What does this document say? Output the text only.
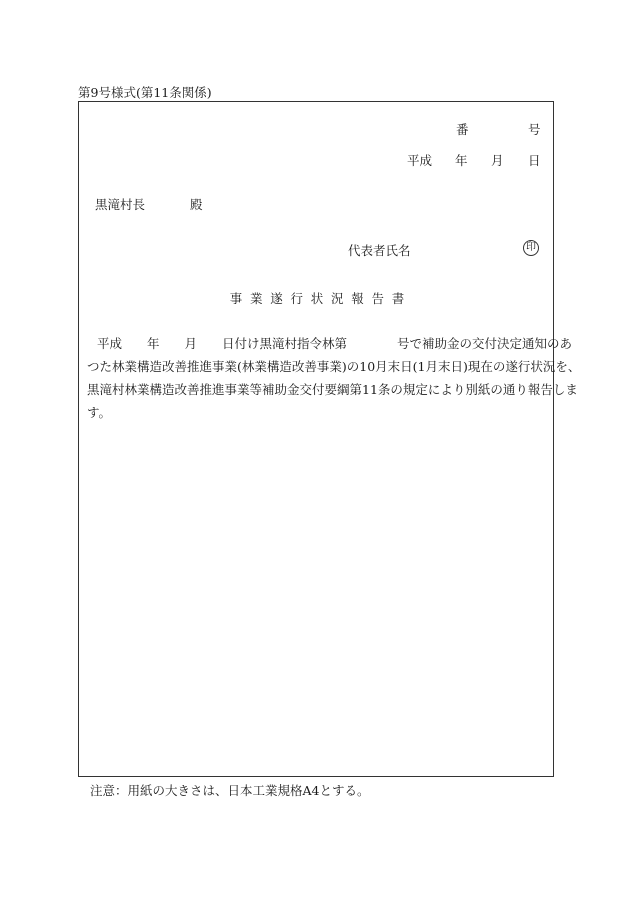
第9号様式(第11条関係)
番	号
平成 年 月 日
黒滝村長	殿
代表者氏名	印
事業遂行状況報告書
平成　　年　　月　　日付け黒滝村指令林第　　　　号で補助金の交付決定通知のあ
つた林業構造改善推進事業(林業構造改善事業)の10月末日(1月末日)現在の遂行状況を、
黒滝村林業構造改善推進事業等補助金交付要綱第11条の規定により別紙の通り報告しま
す。
注意：用紙の大きさは、日本工業規格A4とする。
